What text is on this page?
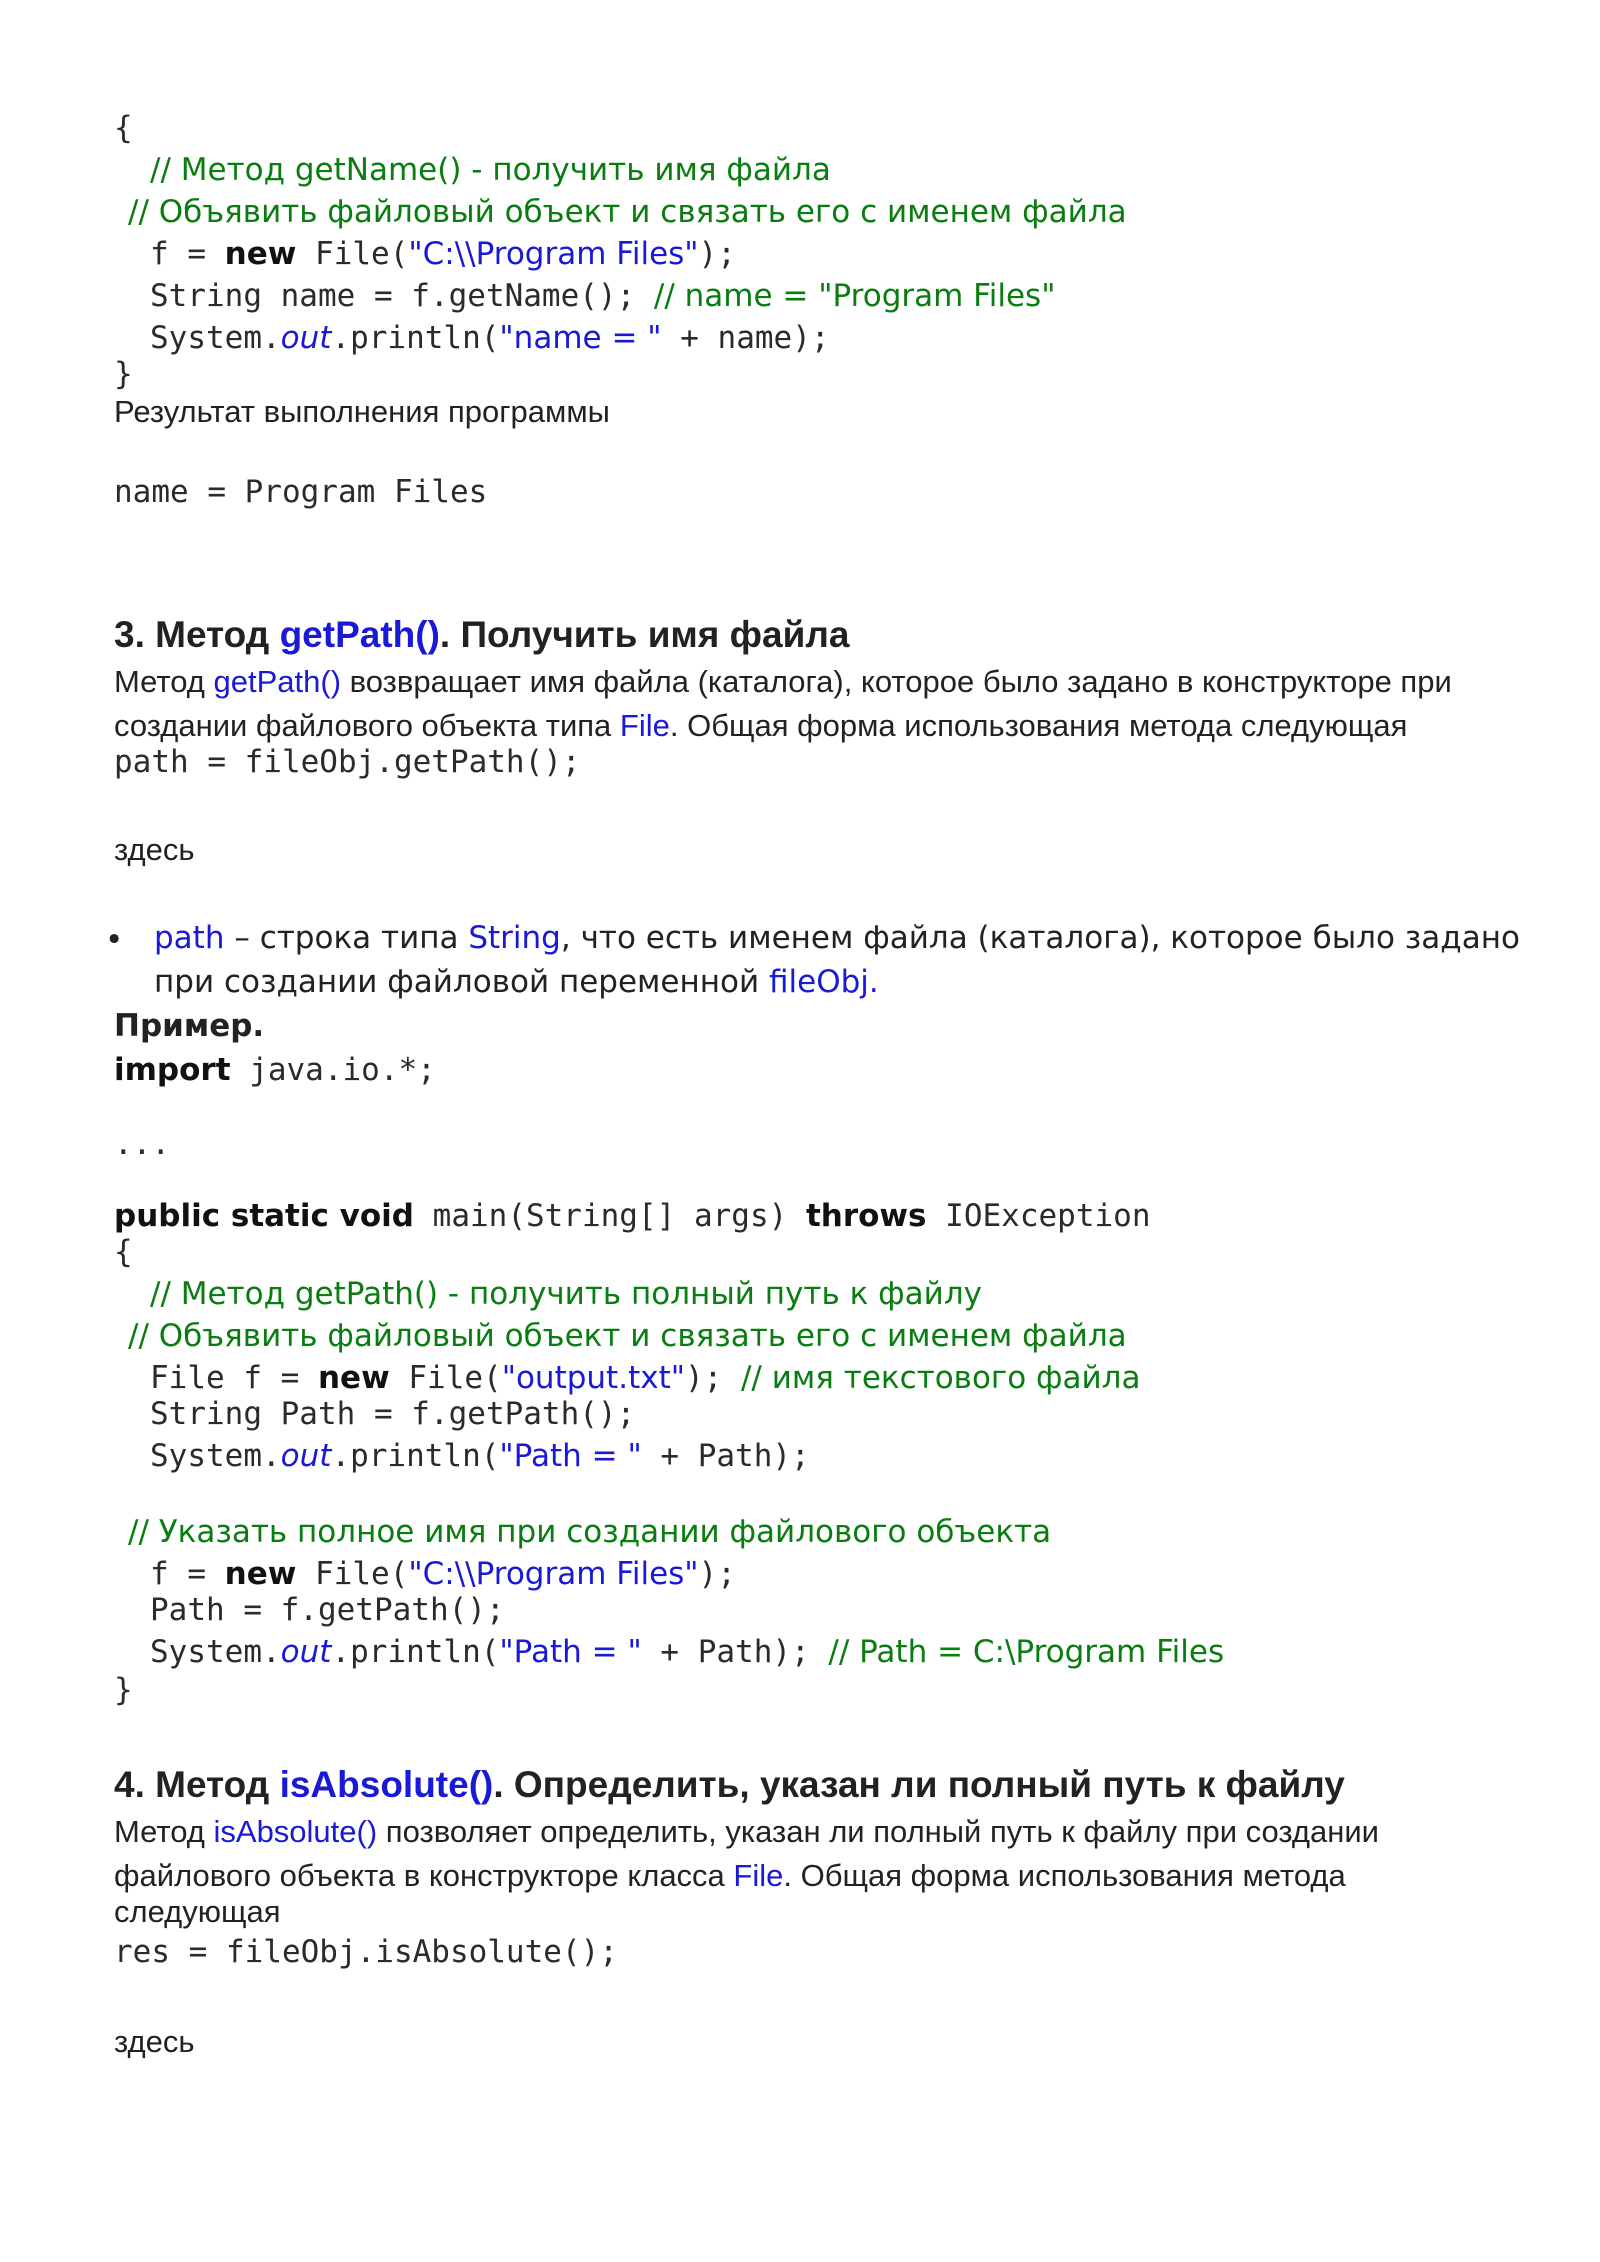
{
// Метод getName() - получить имя файла
// Объявить файловый объект и связать его с именем файла
f = new File("C:\\Program Files");
String name = f.getName(); // name = "Program Files"
System.out.println("name = " + name);
}
Результат выполнения программы
name = Program Files
3. Метод getPath(). Получить имя файла
Метод getPath() возвращает имя файла (каталога), которое было задано в конструкторе при
создании файлового объекта типа File. Общая форма использования метода следующая
path = fileObj.getPath();
здесь
• path – строка типа String, что есть именем файла (каталога), которое было задано
при создании файловой переменной fileObj.
Пример.
import java.io.*;
...
public static void main(String[] args) throws IOException
{
// Метод getPath() - получить полный путь к файлу
// Объявить файловый объект и связать его с именем файла
File f = new File("output.txt"); // имя текстового файла
String Path = f.getPath();
System.out.println("Path = " + Path);
// Указать полное имя при создании файлового объекта
f = new File("C:\\Program Files");
Path = f.getPath();
System.out.println("Path = " + Path); // Path = C:\Program Files
}
4. Метод isAbsolute(). Определить, указан ли полный путь к файлу
Метод isAbsolute() позволяет определить, указан ли полный путь к файлу при создании
файлового объекта в конструкторе класса File. Общая форма использования метода
следующая
res = fileObj.isAbsolute();
здесь
